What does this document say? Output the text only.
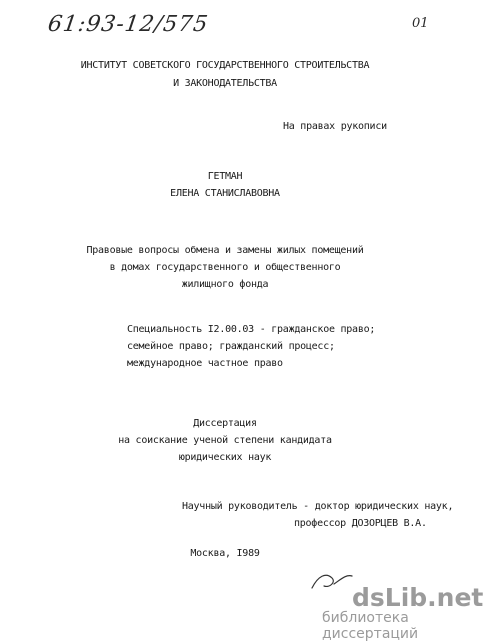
61:93-12/575	01
ИНСТИТУТ СОВЕТСКОГО ГОСУДАРСТВЕННОГО СТРОИТЕЛЬСТВА
И ЗАКОНОДАТЕЛЬСТВА
На правах рукописи
ГЕТМАН
ЕЛЕНА СТАНИСЛАВОВНА
Правовые вопросы обмена и замены жилых помещений
в домах государственного и общественного
жилищного фонда
Специальность I2.00.03 - гражданское право;
семейное право; гражданский процесс;
международное частное право
Диссертация
на соискание ученой степени кандидата
юридических наук
Научный руководитель - доктор юридических наук,
профессор ДОЗОРЦЕВ В.А.
Москва, I989
dsLib.net
библиотека диссертаций
